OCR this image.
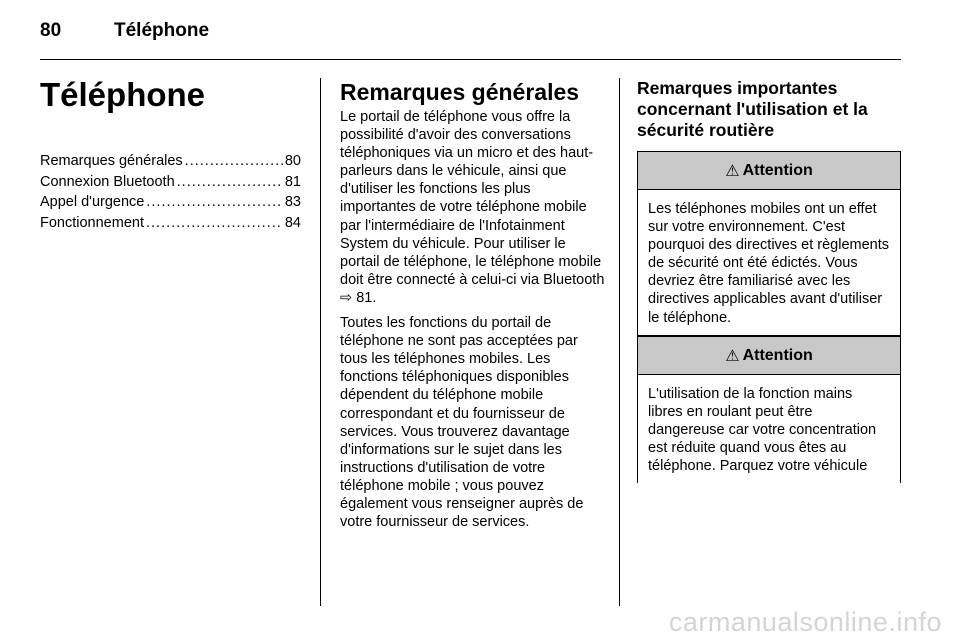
80	Téléphone
Téléphone
Remarques générales .....	80
Connexion Bluetooth .....	81
Appel d'urgence .....	83
Fonctionnement .....	84
Remarques générales

Le portail de téléphone vous offre la possibilité d'avoir des conversations téléphoniques via un micro et des haut-parleurs dans le véhicule, ainsi que d'utiliser les fonctions les plus importantes de votre téléphone mobile par l'intermédiaire de l'Infotainment System du véhicule. Pour utiliser le portail de téléphone, le téléphone mobile doit être connecté à celui-ci via Bluetooth ⇨ 81.

Toutes les fonctions du portail de téléphone ne sont pas acceptées par tous les téléphones mobiles. Les fonctions téléphoniques disponibles dépendent du téléphone mobile correspondant et du fournisseur de services. Vous trouverez davantage d'informations sur le sujet dans les instructions d'utilisation de votre téléphone mobile ; vous pouvez également vous renseigner auprès de votre fournisseur de services.

Remarques importantes concernant l'utilisation et la sécurité routière
⚠ Attention
Les téléphones mobiles ont un effet sur votre environnement. C'est pourquoi des directives et règlements de sécurité ont été édictés. Vous devriez être familiarisé avec les directives applicables avant d'utiliser le téléphone.
⚠ Attention
L'utilisation de la fonction mains libres en roulant peut être dangereuse car votre concentration est réduite quand vous êtes au téléphone. Parquez votre véhicule
carmanualsonline.info
